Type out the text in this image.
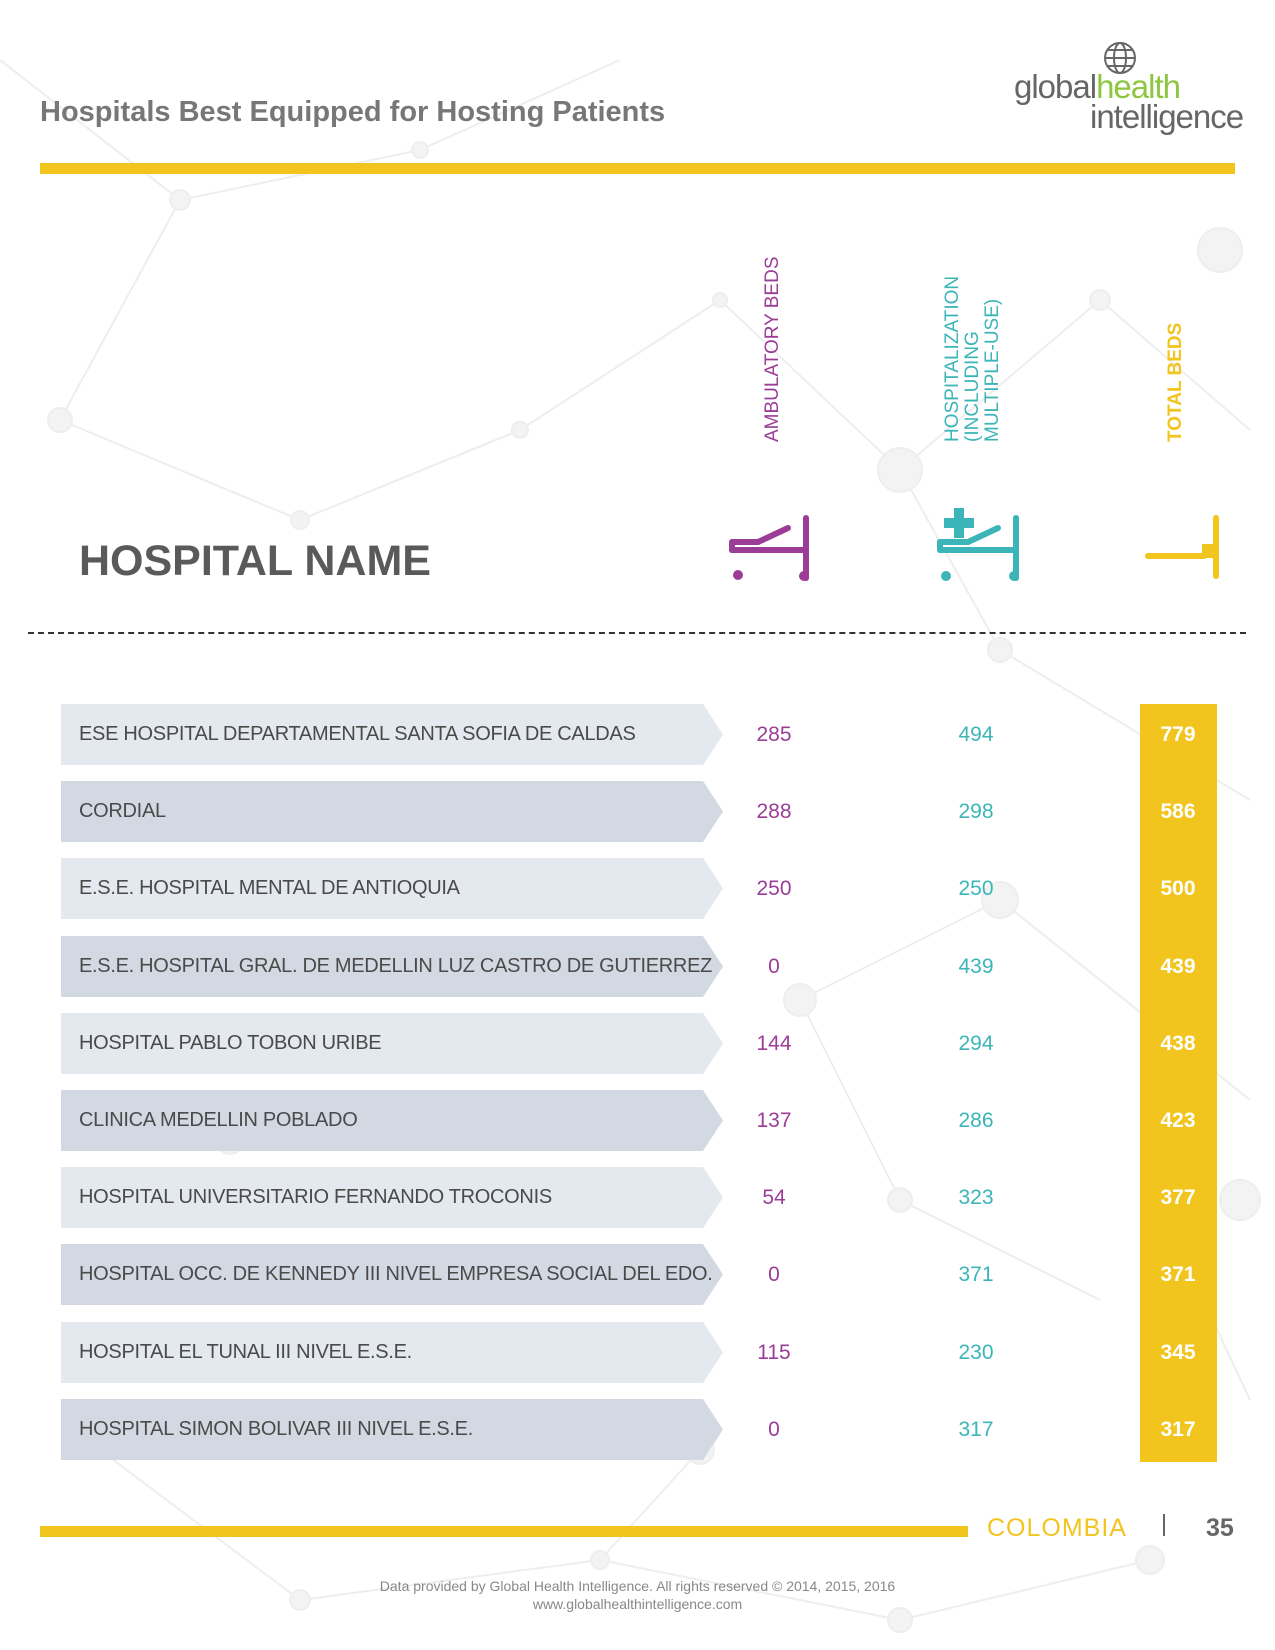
Hospitals Best Equipped for Hosting Patients
globalhealth
intelligence
AMBULATORY BEDS	HOSPITALIZATION (INCLUDING MULTIPLE-USE)	TOTAL BEDS
HOSPITAL NAME
ESE HOSPITAL DEPARTAMENTAL SANTA SOFIA DE CALDAS	285	494	779
CORDIAL	288	298	586
E.S.E. HOSPITAL MENTAL DE ANTIOQUIA	250	250	500
E.S.E. HOSPITAL GRAL. DE MEDELLIN LUZ CASTRO DE GUTIERREZ	0	439	439
HOSPITAL PABLO TOBON URIBE	144	294	438
CLINICA MEDELLIN POBLADO	137	286	423
HOSPITAL UNIVERSITARIO FERNANDO TROCONIS	54	323	377
HOSPITAL OCC. DE KENNEDY III NIVEL EMPRESA SOCIAL DEL EDO.	0	371	371
HOSPITAL EL TUNAL III NIVEL E.S.E.	115	230	345
HOSPITAL SIMON BOLIVAR III NIVEL E.S.E.	0	317	317
COLOMBIA	35
Data provided by Global Health Intelligence. All rights reserved © 2014, 2015, 2016
www.globalhealthintelligence.com
